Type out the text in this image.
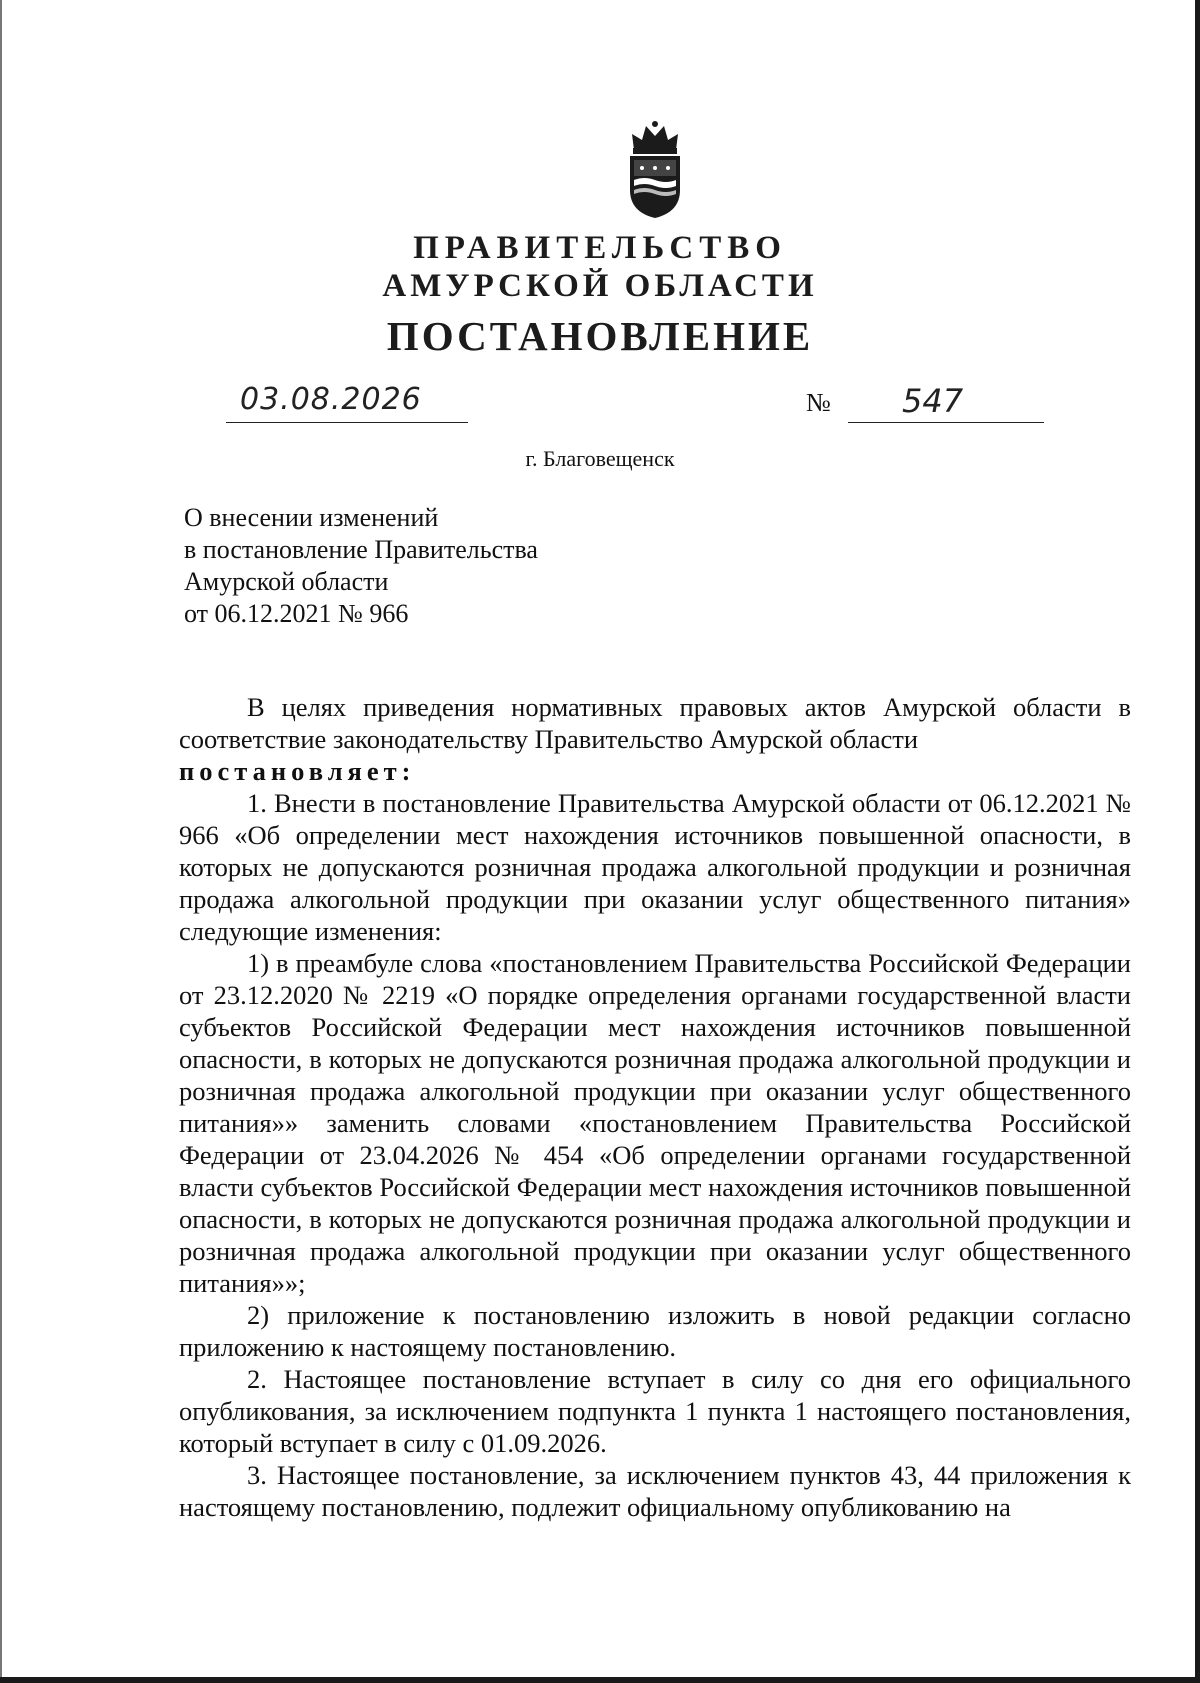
ПРАВИТЕЛЬСТВО
АМУРСКОЙ ОБЛАСТИ
ПОСТАНОВЛЕНИЕ
03.08.2026	№ 547
г. Благовещенск
О внесении изменений
в постановление Правительства
Амурской области
от 06.12.2021 № 966

В целях приведения нормативных правовых актов Амурской области в соответствие законодательству Правительство Амурской области

постановляет:

1. Внести в постановление Правительства Амурской области от 06.12.2021 № 966 «Об определении мест нахождения источников повышенной опасности, в которых не допускаются розничная продажа алкогольной продукции и розничная продажа алкогольной продукции при оказании услуг общественного питания» следующие изменения:

1) в преамбуле слова «постановлением Правительства Российской Федерации от 23.12.2020 № 2219 «О порядке определения органами государственной власти субъектов Российской Федерации мест нахождения источников повышенной опасности, в которых не допускаются розничная продажа алкогольной продукции и розничная продажа алкогольной продукции при оказании услуг общественного питания»» заменить словами «постановлением Правительства Российской Федерации от 23.04.2026 № 454 «Об определении органами государственной власти субъектов Российской Федерации мест нахождения источников повышенной опасности, в которых не допускаются розничная продажа алкогольной продукции и розничная продажа алкогольной продукции при оказании услуг общественного питания»»;

2) приложение к постановлению изложить в новой редакции согласно приложению к настоящему постановлению.

2. Настоящее постановление вступает в силу со дня его официального опубликования, за исключением подпункта 1 пункта 1 настоящего постановления, который вступает в силу с 01.09.2026.

3. Настоящее постановление, за исключением пунктов 43, 44 приложения к настоящему постановлению, подлежит официальному опубликованию на
